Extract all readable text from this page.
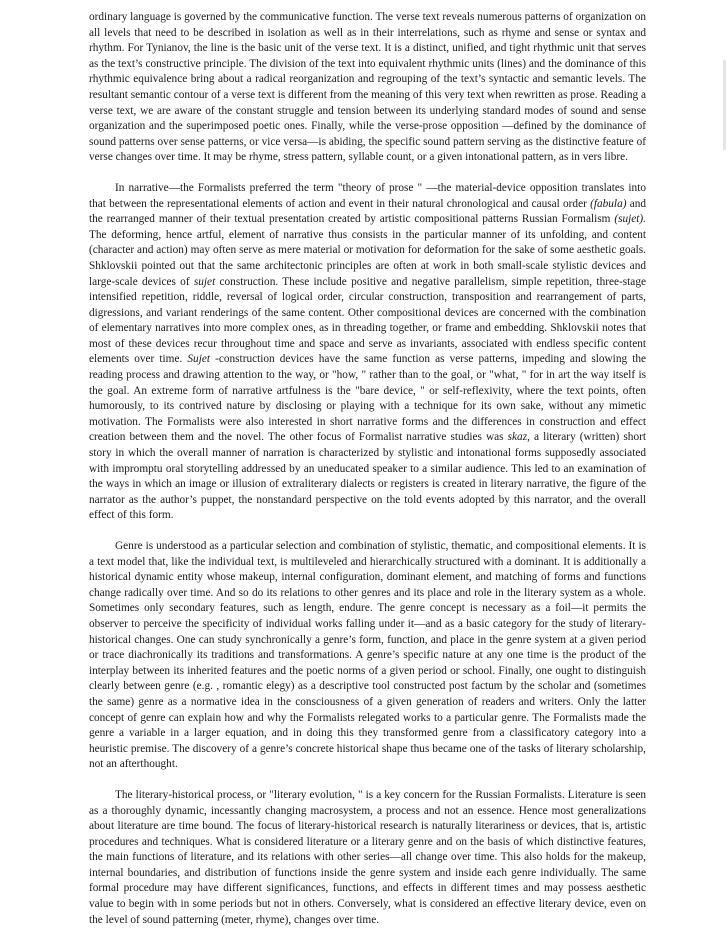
ordinary language is governed by the communicative function. The verse text reveals numerous patterns of organization on all levels that need to be described in isolation as well as in their interrelations, such as rhyme and sense or syntax and rhythm. For Tynianov, the line is the basic unit of the verse text. It is a distinct, unified, and tight rhythmic unit that serves as the text’s constructive principle. The division of the text into equivalent rhythmic units (lines) and the dominance of this rhythmic equivalence bring about a radical reorganization and regrouping of the text’s syntactic and semantic levels. The resultant semantic contour of a verse text is different from the meaning of this very text when rewritten as prose. Reading a verse text, we are aware of the constant struggle and tension between its underlying standard modes of sound and sense organization and the superimposed poetic ones. Finally, while the verse-prose opposition —defined by the dominance of sound patterns over sense patterns, or vice versa—is abiding, the specific sound pattern serving as the distinctive feature of verse changes over time. It may be rhyme, stress pattern, syllable count, or a given intonational pattern, as in vers libre.

In narrative—the Formalists preferred the term "theory of prose " —the material-device opposition translates into that between the representational elements of action and event in their natural chronological and causal order (fabula) and the rearranged manner of their textual presentation created by artistic compositional patterns Russian Formalism (sujet). The deforming, hence artful, element of narrative thus consists in the particular manner of its unfolding, and content (character and action) may often serve as mere material or motivation for deformation for the sake of some aesthetic goals. Shklovskii pointed out that the same architectonic principles are often at work in both small-scale stylistic devices and large-scale devices of sujet construction. These include positive and negative parallelism, simple repetition, three-stage intensified repetition, riddle, reversal of logical order, circular construction, transposition and rearrangement of parts, digressions, and variant renderings of the same content. Other compositional devices are concerned with the combination of elementary narratives into more complex ones, as in threading together, or frame and embedding. Shklovskii notes that most of these devices recur throughout time and space and serve as invariants, associated with endless specific content elements over time. Sujet -construction devices have the same function as verse patterns, impeding and slowing the reading process and drawing attention to the way, or "how, " rather than to the goal, or "what, " for in art the way itself is the goal. An extreme form of narrative artfulness is the "bare device, " or self-reflexivity, where the text points, often humorously, to its contrived nature by disclosing or playing with a technique for its own sake, without any mimetic motivation. The Formalists were also interested in short narrative forms and the differences in construction and effect creation between them and the novel. The other focus of Formalist narrative studies was skaz, a literary (written) short story in which the overall manner of narration is characterized by stylistic and intonational forms supposedly associated with impromptu oral storytelling addressed by an uneducated speaker to a similar audience. This led to an examination of the ways in which an image or illusion of extraliterary dialects or registers is created in literary narrative, the figure of the narrator as the author’s puppet, the nonstandard perspective on the told events adopted by this narrator, and the overall effect of this form.

Genre is understood as a particular selection and combination of stylistic, thematic, and compositional elements. It is a text model that, like the individual text, is multileveled and hierarchically structured with a dominant. It is additionally a historical dynamic entity whose makeup, internal configuration, dominant element, and matching of forms and functions change radically over time. And so do its relations to other genres and its place and role in the literary system as a whole. Sometimes only secondary features, such as length, endure. The genre concept is necessary as a foil—it permits the observer to perceive the specificity of individual works falling under it—and as a basic category for the study of literary-historical changes. One can study synchronically a genre’s form, function, and place in the genre system at a given period or trace diachronically its traditions and transformations. A genre’s specific nature at any one time is the product of the interplay between its inherited features and the poetic norms of a given period or school. Finally, one ought to distinguish clearly between genre (e.g. , romantic elegy) as a descriptive tool constructed post factum by the scholar and (sometimes the same) genre as a normative idea in the consciousness of a given generation of readers and writers. Only the latter concept of genre can explain how and why the Formalists relegated works to a particular genre. The Formalists made the genre a variable in a larger equation, and in doing this they transformed genre from a classificatory category into a heuristic premise. The discovery of a genre’s concrete historical shape thus became one of the tasks of literary scholarship, not an afterthought.

The literary-historical process, or "literary evolution, " is a key concern for the Russian Formalists. Literature is seen as a thoroughly dynamic, incessantly changing macrosystem, a process and not an essence. Hence most generalizations about literature are time bound. The focus of literary-historical research is naturally literariness or devices, that is, artistic procedures and techniques. What is considered literature or a literary genre and on the basis of which distinctive features, the main functions of literature, and its relations with other series—all change over time. This also holds for the makeup, internal boundaries, and distribution of functions inside the genre system and inside each genre individually. The same formal procedure may have different significances, functions, and effects in different times and may possess aesthetic value to begin with in some periods but not in others. Conversely, what is considered an effective literary device, even on the level of sound patterning (meter, rhyme), changes over time.
